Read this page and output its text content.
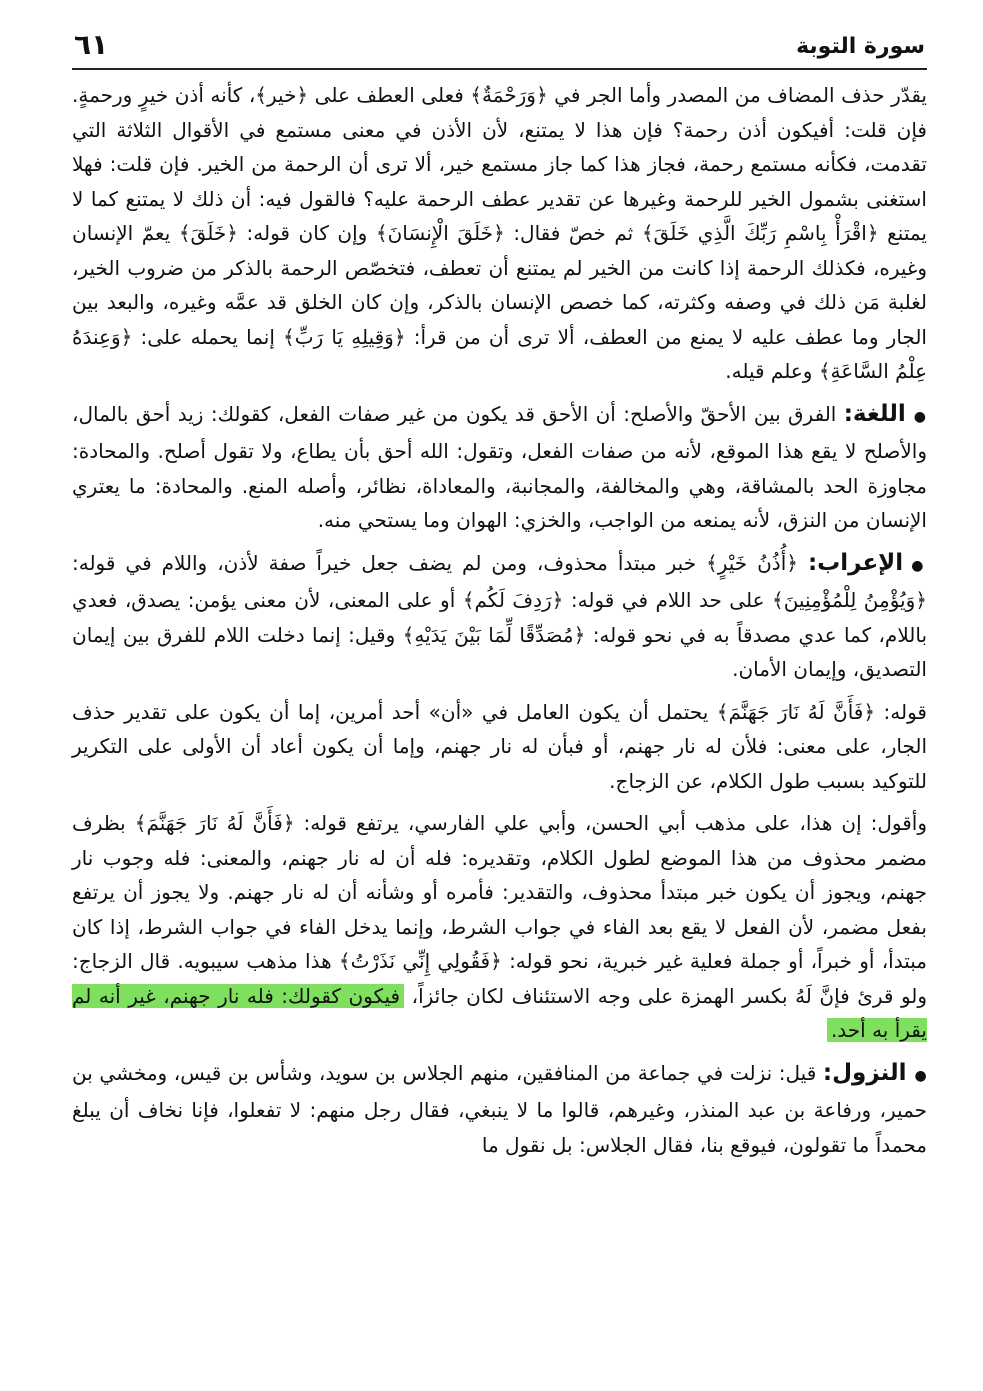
سورة التوبة
٦١

يقدّر حذف المضاف من المصدر وأما الجر في ﴿وَرَحْمَةٌ﴾ فعلى العطف على ﴿خير﴾، كأنه أذن خيرٍ ورحمةٍ. فإن قلت: أفيكون أذن رحمة؟ فإن هذا لا يمتنع، لأن الأذن في معنى مستمع في الأقوال الثلاثة التي تقدمت، فكأنه مستمع رحمة، فجاز هذا كما جاز مستمع خير، ألا ترى أن الرحمة من الخير. فإن قلت: فهلا استغنى بشمول الخير للرحمة وغيرها عن تقدير عطف الرحمة عليه؟ فالقول فيه: أن ذلك لا يمتنع كما لا يمتنع ﴿اقْرَأْ بِاسْمِ رَبِّكَ الَّذِي خَلَقَ﴾ ثم خصّ فقال: ﴿خَلَقَ الْإِنسَانَ﴾ وإن كان قوله: ﴿خَلَقَ﴾ يعمّ الإنسان وغيره، فكذلك الرحمة إذا كانت من الخير لم يمتنع أن تعطف، فتخصّص الرحمة بالذكر من ضروب الخير، لغلبة مَن ذلك في وصفه وكثرته، كما خصص الإنسان بالذكر، وإن كان الخلق قد عمَّه وغيره، والبعد بين الجار وما عطف عليه لا يمنع من العطف، ألا ترى أن من قرأ: ﴿وَقِيلِهِ يَا رَبِّ﴾ إنما يحمله على: ﴿وَعِندَهُ عِلْمُ السَّاعَةِ﴾ وعلم قيله.

●اللغة: الفرق بين الأحقّ والأصلح: أن الأحق قد يكون من غير صفات الفعل، كقولك: زيد أحق بالمال، والأصلح لا يقع هذا الموقع، لأنه من صفات الفعل، وتقول: الله أحق بأن يطاع، ولا تقول أصلح. والمحادة: مجاوزة الحد بالمشاقة، وهي والمخالفة، والمجانبة، والمعاداة، نظائر، وأصله المنع. والمحادة: ما يعتري الإنسان من النزق، لأنه يمنعه من الواجب، والخزي: الهوان وما يستحي منه.

●الإعراب: ﴿أُذُنُ خَيْرٍ﴾ خبر مبتدأ محذوف، ومن لم يضف جعل خيراً صفة لأذن، واللام في قوله: ﴿وَيُؤْمِنُ لِلْمُؤْمِنِينَ﴾ على حد اللام في قوله: ﴿رَدِفَ لَكُم﴾ أو على المعنى، لأن معنى يؤمن: يصدق، فعدي باللام، كما عدي مصدقاً به في نحو قوله: ﴿مُصَدِّقًا لِّمَا بَيْنَ يَدَيْهِ﴾ وقيل: إنما دخلت اللام للفرق بين إيمان التصديق، وإيمان الأمان.

قوله: ﴿فَأَنَّ لَهُ نَارَ جَهَنَّمَ﴾ يحتمل أن يكون العامل في «أن» أحد أمرين، إما أن يكون على تقدير حذف الجار، على معنى: فلأن له نار جهنم، أو فبأن له نار جهنم، وإما أن يكون أعاد أن الأولى على التكرير للتوكيد بسبب طول الكلام، عن الزجاج.

وأقول: إن هذا، على مذهب أبي الحسن، وأبي علي الفارسي، يرتفع قوله: ﴿فَأَنَّ لَهُ نَارَ جَهَنَّمَ﴾ بظرف مضمر محذوف من هذا الموضع لطول الكلام، وتقديره: فله أن له نار جهنم، والمعنى: فله وجوب نار جهنم، ويجوز أن يكون خبر مبتدأ محذوف، والتقدير: فأمره أو وشأنه أن له نار جهنم. ولا يجوز أن يرتفع بفعل مضمر، لأن الفعل لا يقع بعد الفاء في جواب الشرط، وإنما يدخل الفاء في جواب الشرط، إذا كان مبتدأ، أو خبراً، أو جملة فعلية غير خبرية، نحو قوله: ﴿فَقُولِي إِنِّي نَذَرْتُ﴾ هذا مذهب سيبويه. قال الزجاج: ولو قرئ فإنَّ لَهُ بكسر الهمزة على وجه الاستئناف لكان جائزاً، فيكون كقولك: فله نار جهنم، غير أنه لم يقرأ به أحد.

●النزول: قيل: نزلت في جماعة من المنافقين، منهم الجلاس بن سويد، وشأس بن قيس، ومخشي بن حمير، ورفاعة بن عبد المنذر، وغيرهم، قالوا ما لا ينبغي، فقال رجل منهم: لا تفعلوا، فإنا نخاف أن يبلغ محمداً ما تقولون، فيوقع بنا، فقال الجلاس: بل نقول ما
